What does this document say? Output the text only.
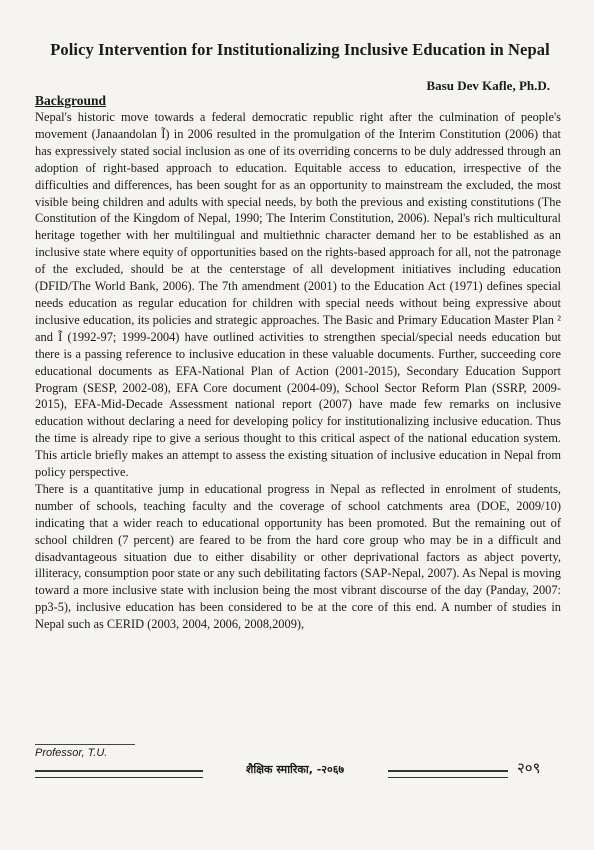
Policy Intervention for Institutionalizing Inclusive Education in Nepal
Basu Dev Kafle, Ph.D.
Background

Nepal's historic move towards a federal democratic republic right after the culmination of people's movement (Janaandolan Ĩ) in 2006 resulted in the promulgation of the Interim Constitution (2006) that has expressively stated social inclusion as one of its overriding concerns to be duly addressed through an adoption of right-based approach to education. Equitable access to education, irrespective of the difficulties and differences, has been sought for as an opportunity to mainstream the excluded, the most visible being children and adults with special needs, by both the previous and existing constitutions (The Constitution of the Kingdom of Nepal, 1990; The Interim Constitution, 2006). Nepal's rich multicultural heritage together with her multilingual and multiethnic character demand her to be established as an inclusive state where equity of opportunities based on the rights-based approach for all, not the patronage of the excluded, should be at the centerstage of all development initiatives including education (DFID/The World Bank, 2006). The 7th amendment (2001) to the Education Act (1971) defines special needs education as regular education for children with special needs without being expressive about inclusive education, its policies and strategic approaches. The Basic and Primary Education Master Plan ² and Ĩ (1992-97; 1999-2004) have outlined activities to strengthen special/special needs education but there is a passing reference to inclusive education in these valuable documents. Further, succeeding core educational documents as EFA-National Plan of Action (2001-2015), Secondary Education Support Program (SESP, 2002-08), EFA Core document (2004-09), School Sector Reform Plan (SSRP, 2009-2015), EFA-Mid-Decade Assessment national report (2007) have made few remarks on inclusive education without declaring a need for developing policy for institutionalizing inclusive education. Thus the time is already ripe to give a serious thought to this critical aspect of the national education system. This article briefly makes an attempt to assess the existing situation of inclusive education in Nepal from policy perspective.

There is a quantitative jump in educational progress in Nepal as reflected in enrolment of students, number of schools, teaching faculty and the coverage of school catchments area (DOE, 2009/10) indicating that a wider reach to educational opportunity has been promoted. But the remaining out of school children (7 percent) are feared to be from the hard core group who may be in a difficult and disadvantageous situation due to either disability or other deprivational factors as abject poverty, illiteracy, consumption poor state or any such debilitating factors (SAP-Nepal, 2007). As Nepal is moving toward a more inclusive state with inclusion being the most vibrant discourse of the day (Panday, 2007: pp3-5), inclusive education has been considered to be at the core of this end. A number of studies in Nepal such as CERID (2003, 2004, 2006, 2008,2009),

Professor, T.U.
शैक्षिक स्मारिका, -२०६७	२०९
